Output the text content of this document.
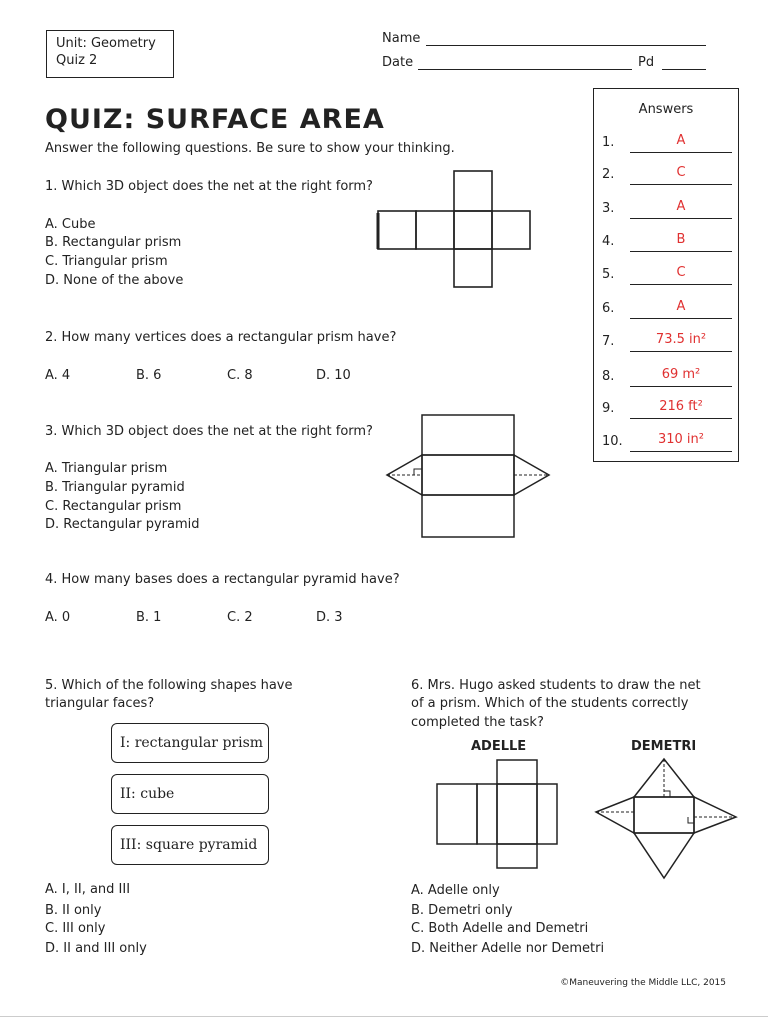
Unit: Geometry
Quiz 2
Name
Date	Pd
QUIZ: SURFACE AREA
Answer the following questions. Be sure to show your thinking.
Answers
1.	A
2.	C
3.	A
4.	B
5.	C
6.	A
7.	73.5 in²
8.	69 m²
9.	216 ft²
10.	310 in²
1. Which 3D object does the net at the right form?
A. Cube
B. Rectangular prism
C. Triangular prism
D. None of the above
2. How many vertices does a rectangular prism have?
A. 4	B. 6	C. 8	D. 10
3. Which 3D object does the net at the right form?
A. Triangular prism
B. Triangular pyramid
C. Rectangular prism
D. Rectangular pyramid
4. How many bases does a rectangular pyramid have?
A. 0	B. 1	C. 2	D. 3
5. Which of the following shapes have
triangular faces?
I: rectangular prism
II: cube
III: square pyramid
A. I, II, and III
B. II only
C. III only
D. II and III only
6. Mrs. Hugo asked students to draw the net
of a prism. Which of the students correctly
completed the task?
ADELLE	DEMETRI
A. Adelle only
B. Demetri only
C. Both Adelle and Demetri
D. Neither Adelle nor Demetri
©Maneuvering the Middle LLC, 2015
